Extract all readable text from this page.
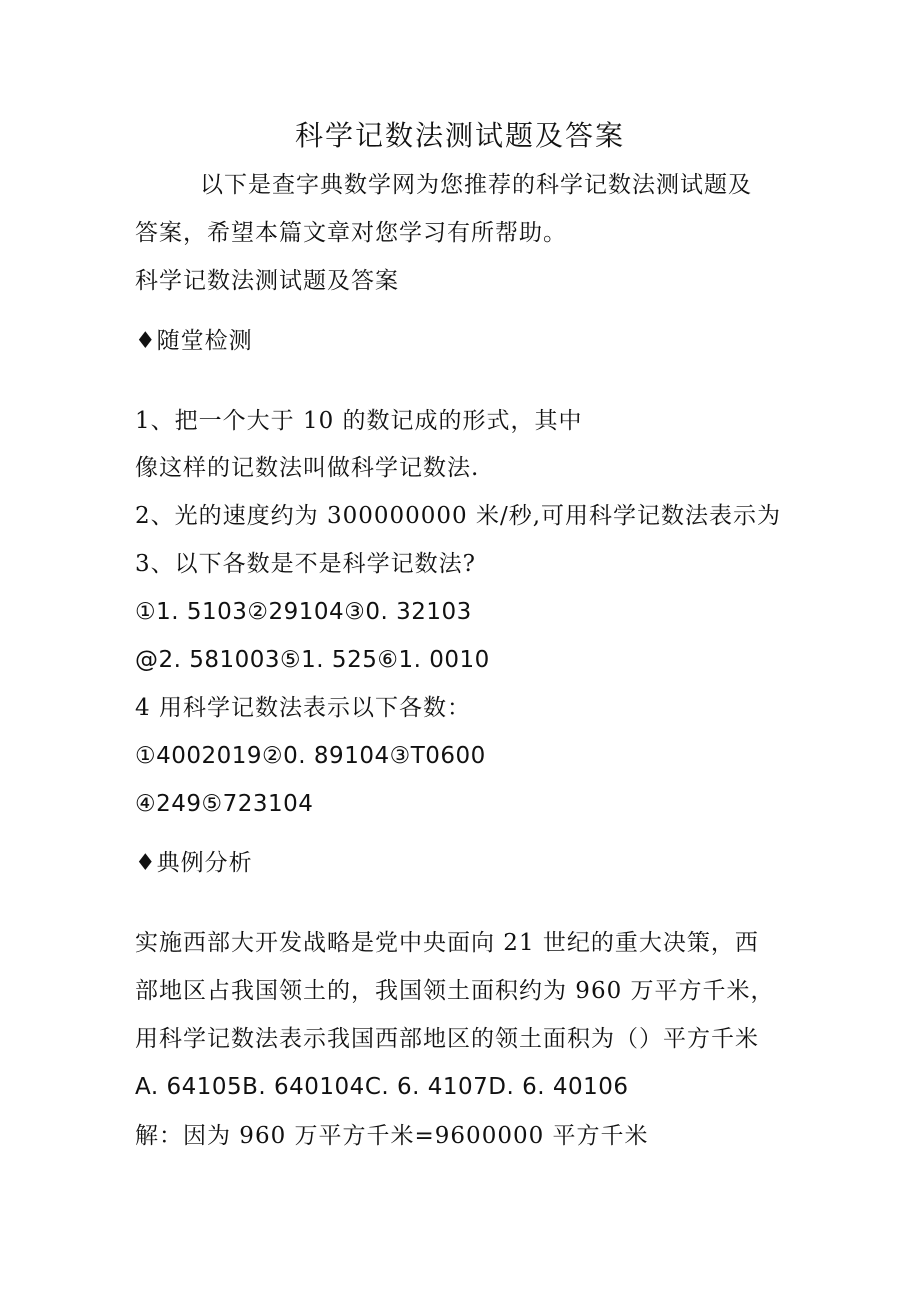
科学记数法测试题及答案
以下是查字典数学网为您推荐的科学记数法测试题及
答案，希望本篇文章对您学习有所帮助。
科学记数法测试题及答案
♦随堂检测
1、把一个大于 10 的数记成的形式，其中
像这样的记数法叫做科学记数法.
2、光的速度约为 300000000 米/秒,可用科学记数法表示为
3、以下各数是不是科学记数法?
①1. 5103②29104③0. 32103
@2. 581003⑤1. 525⑥1. 0010
4 用科学记数法表示以下各数：
①4002019②0. 89104③T0600
④249⑤723104
♦典例分析
实施西部大开发战略是党中央面向 21 世纪的重大决策，西
部地区占我国领土的，我国领土面积约为 960 万平方千米，
用科学记数法表示我国西部地区的领土面积为（）平方千米
A. 64105B. 640104C. 6. 4107D. 6. 40106
解：因为 960 万平方千米=9600000 平方千米
